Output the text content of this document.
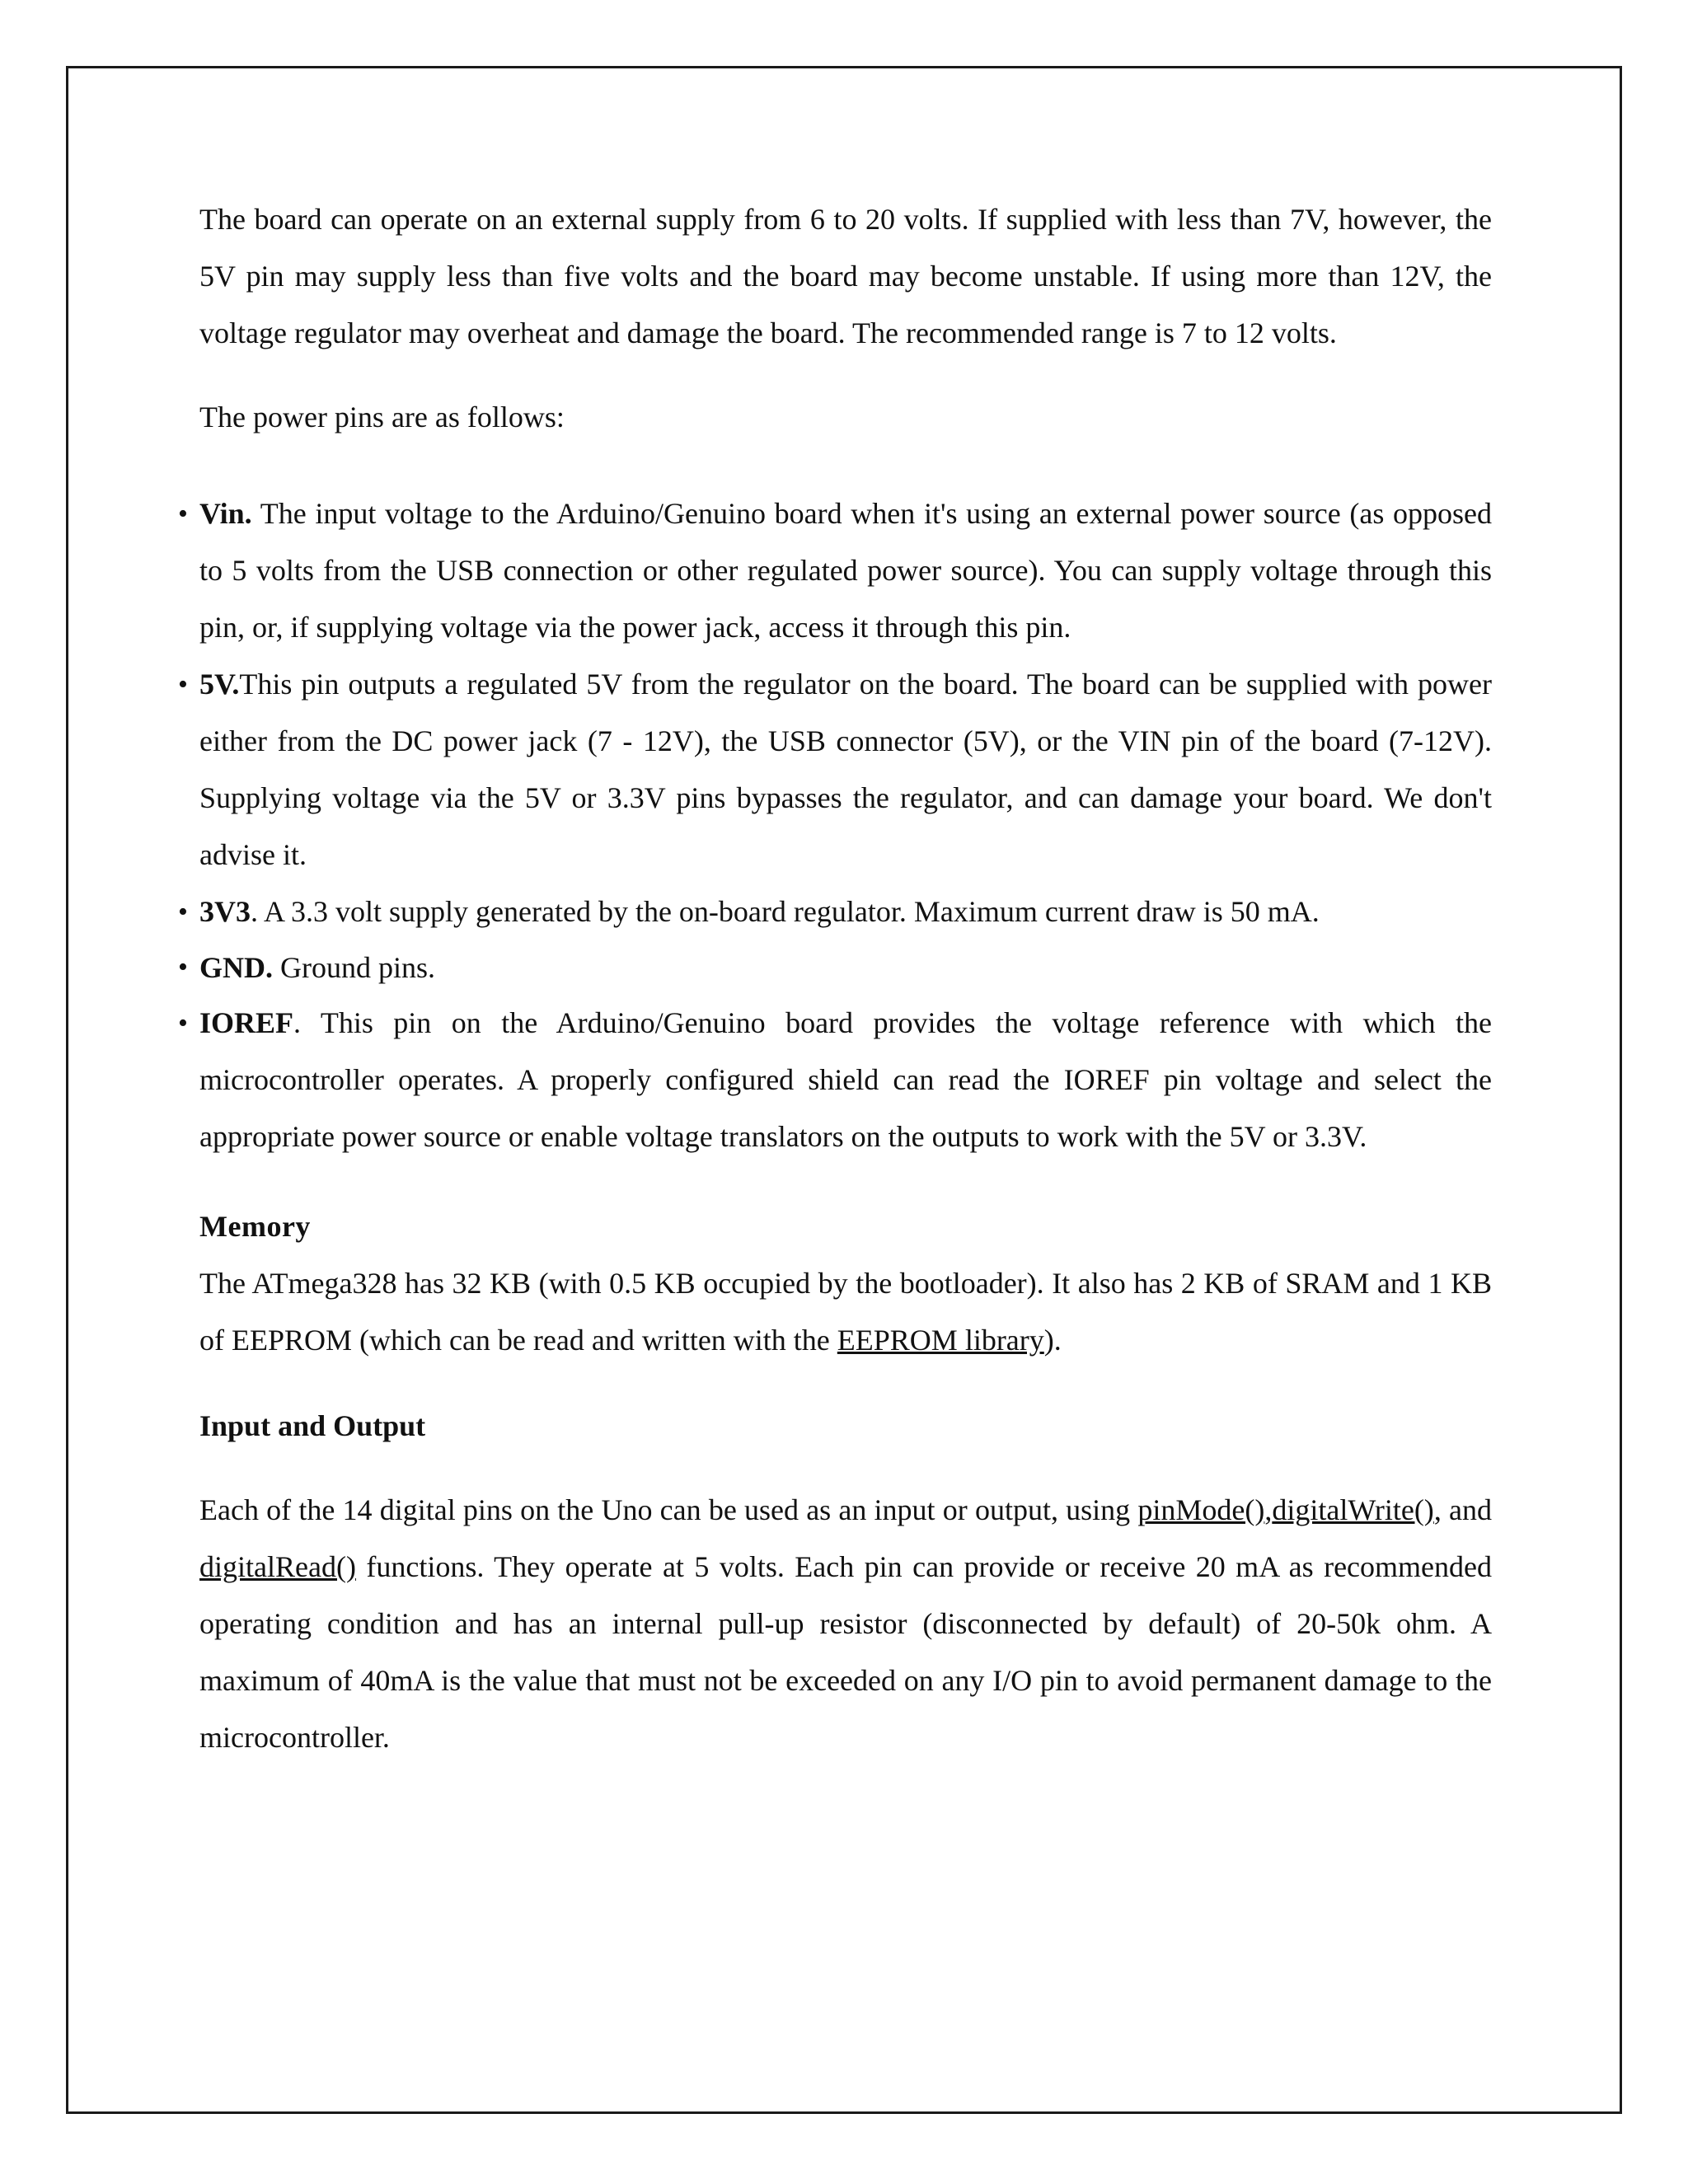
The board can operate on an external supply from 6 to 20 volts. If supplied with less than 7V, however, the 5V pin may supply less than five volts and the board may become unstable. If using more than 12V, the voltage regulator may overheat and damage the board. The recommended range is 7 to 12 volts.

The power pins are as follows:

• Vin. The input voltage to the Arduino/Genuino board when it's using an external power source (as opposed to 5 volts from the USB connection or other regulated power source). You can supply voltage through this pin, or, if supplying voltage via the power jack, access it through this pin.
• 5V.This pin outputs a regulated 5V from the regulator on the board. The board can be supplied with power either from the DC power jack (7 - 12V), the USB connector (5V), or the VIN pin of the board (7-12V). Supplying voltage via the 5V or 3.3V pins bypasses the regulator, and can damage your board. We don't advise it.
• 3V3. A 3.3 volt supply generated by the on-board regulator. Maximum current draw is 50 mA.
• GND. Ground pins.
• IOREF. This pin on the Arduino/Genuino board provides the voltage reference with which the microcontroller operates. A properly configured shield can read the IOREF pin voltage and select the appropriate power source or enable voltage translators on the outputs to work with the 5V or 3.3V.
Memory

The ATmega328 has 32 KB (with 0.5 KB occupied by the bootloader). It also has 2 KB of SRAM and 1 KB of EEPROM (which can be read and written with the EEPROM library).

Input and Output

Each of the 14 digital pins on the Uno can be used as an input or output, using pinMode(),digitalWrite(), and digitalRead() functions. They operate at 5 volts. Each pin can provide or receive 20 mA as recommended operating condition and has an internal pull-up resistor (disconnected by default) of 20-50k ohm. A maximum of 40mA is the value that must not be exceeded on any I/O pin to avoid permanent damage to the microcontroller.
